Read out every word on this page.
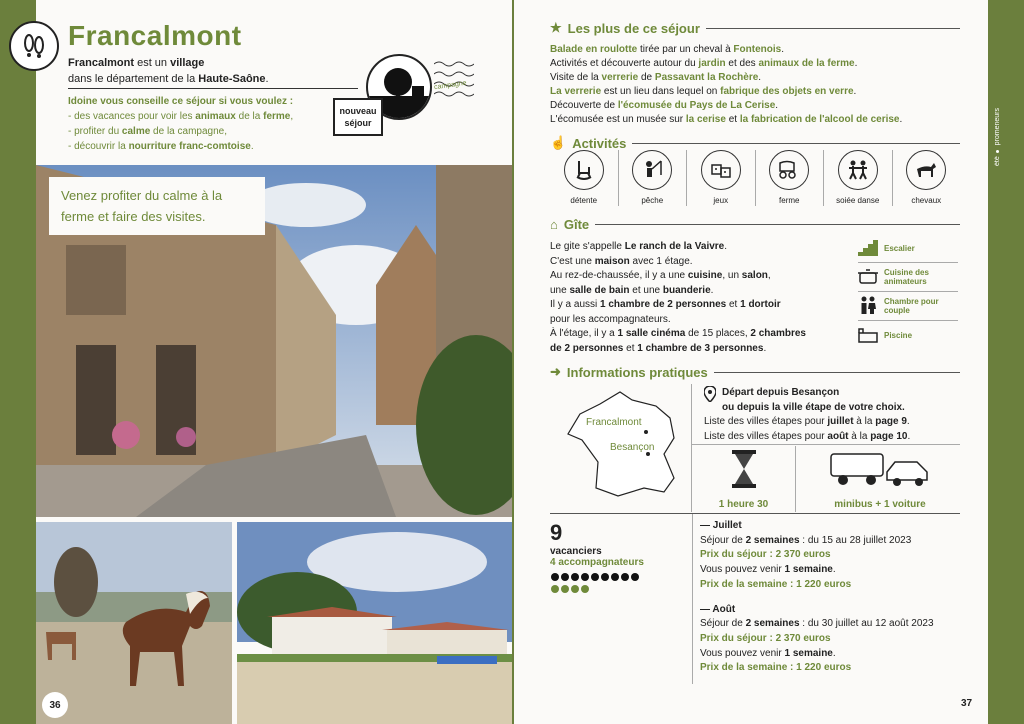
Francalmont
Francalmont est un village
dans le département de la Haute-Saône.
Idoine vous conseille ce séjour si vous voulez :
- des vacances pour voir les animaux de la ferme,
- profiter du calme de la campagne,
- découvrir la nourriture franc-comtoise.
campagne
nouveau séjour
Venez profiter du calme à la ferme et faire des visites.
36
★ Les plus de ce séjour
Balade en roulotte tirée par un cheval à Fontenois.
Activités et découverte autour du jardin et des animaux de la ferme.
Visite de la verrerie de Passavant la Rochère.
La verrerie est un lieu dans lequel on fabrique des objets en verre.
Découverte de l'écomusée du Pays de La Cerise.
L'écomusée est un musée sur la cerise et la fabrication de l'alcool de cerise.
☝ Activités
détente	pêche	jeux	ferme	soiée danse	chevaux
⌂ Gîte
Le gite s'appelle Le ranch de la Vaivre.
C'est une maison avec 1 étage.
Au rez-de-chaussée, il y a une cuisine, un salon,
une salle de bain et une buanderie.
Il y a aussi 1 chambre de 2 personnes et 1 dortoir
pour les accompagnateurs.
À l'étage, il y a 1 salle cinéma de 15 places, 2 chambres
de 2 personnes et 1 chambre de 3 personnes.
Escalier
Cuisine des animateurs
Chambre pour couple
Piscine
➜ Informations pratiques
Francalmont
Besançon
Départ depuis Besançon
ou depuis la ville étape de votre choix.
Liste des villes étapes pour juillet à la page 9.
Liste des villes étapes pour août à la page 10.
1 heure 30	minibus + 1 voiture
9
vacanciers
4 accompagnateurs
— Juillet
Séjour de 2 semaines : du 15 au 28 juillet 2023
Prix du séjour : 2 370 euros
Vous pouvez venir 1 semaine.
Prix de la semaine : 1 220 euros
— Août
Séjour de 2 semaines : du 30 juillet au 12 août 2023
Prix du séjour : 2 370 euros
Vous pouvez venir 1 semaine.
Prix de la semaine : 1 220 euros
37
été ● promeneurs
